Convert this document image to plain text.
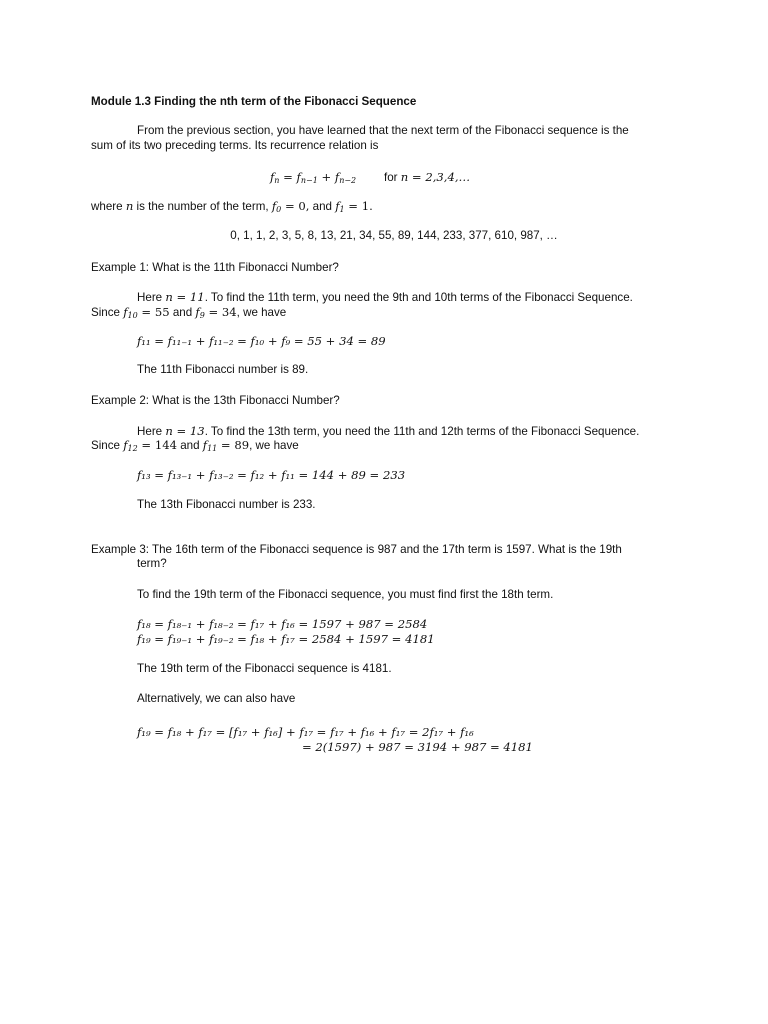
Module 1.3 Finding the nth term of the Fibonacci Sequence
From the previous section, you have learned that the next term of the Fibonacci sequence is the
sum of its two preceding terms. Its recurrence relation is
$f_n = f_{n-1} + f_{n-2}$ for n = 2,3,4,…
where n is the number of the term, $f_0 = 0$, and $f_1 = 1$.
0, 1, 1, 2, 3, 5, 8, 13, 21, 34, 55, 89, 144, 233, 377, 610, 987, …
Example 1: What is the 11th Fibonacci Number?
Here n = 11. To find the 11th term, you need the 9th and 10th terms of the Fibonacci Sequence.
Since $f_{10} = 55$ and $f_9 = 34$, we have
f₁₁ = f₁₁₋₁ + f₁₁₋₂ = f₁₀ + f₉ = 55 + 34 = 89
The 11th Fibonacci number is 89.
Example 2: What is the 13th Fibonacci Number?
Here n = 13. To find the 13th term, you need the 11th and 12th terms of the Fibonacci Sequence.
Since $f_{12} = 144$ and $f_{11} = 89$, we have
f₁₃ = f₁₃₋₁ + f₁₃₋₂ = f₁₂ + f₁₁ = 144 + 89 = 233
The 13th Fibonacci number is 233.
Example 3: The 16th term of the Fibonacci sequence is 987 and the 17th term is 1597. What is the 19th
term?
To find the 19th term of the Fibonacci sequence, you must find first the 18th term.
f₁₈ = f₁₈₋₁ + f₁₈₋₂ = f₁₇ + f₁₆ = 1597 + 987 = 2584
f₁₉ = f₁₉₋₁ + f₁₉₋₂ = f₁₈ + f₁₇ = 2584 + 1597 = 4181
The 19th term of the Fibonacci sequence is 4181.
Alternatively, we can also have
f₁₉ = f₁₈ + f₁₇ = [f₁₇ + f₁₆] + f₁₇ = f₁₇ + f₁₆ + f₁₇ = 2f₁₇ + f₁₆
= 2(1597) + 987 = 3194 + 987 = 4181
